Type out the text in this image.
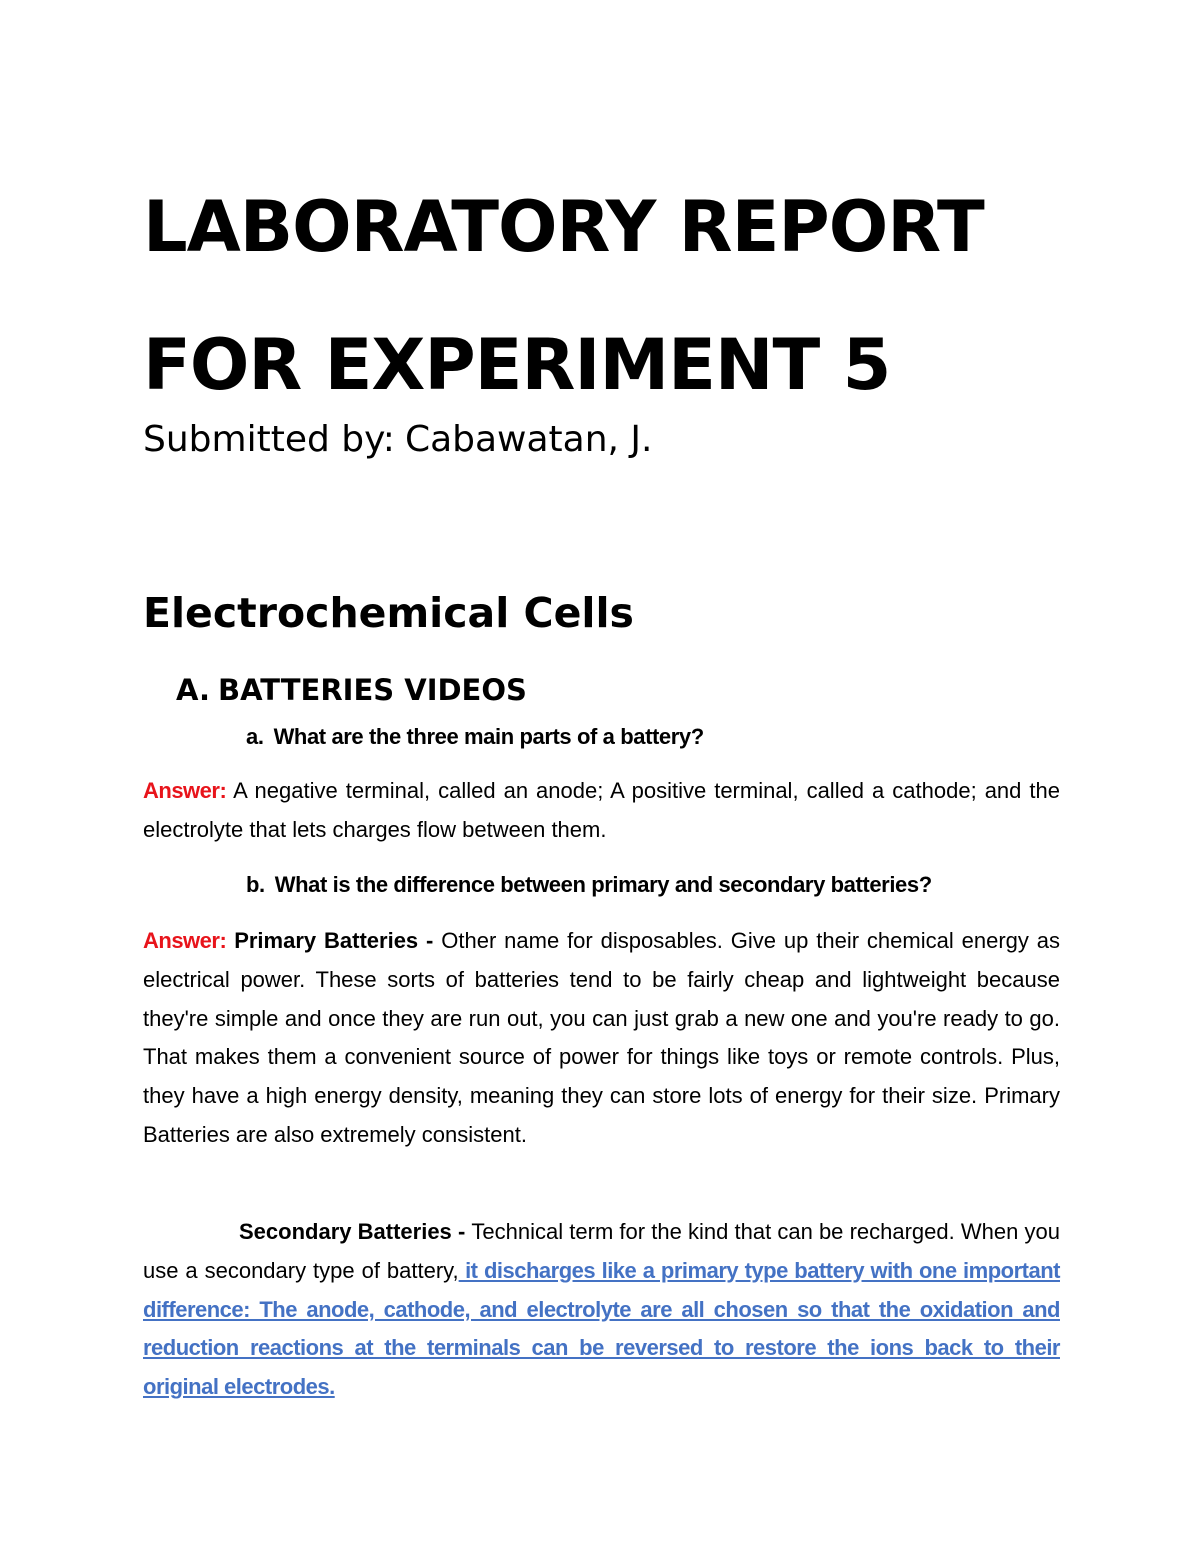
LABORATORY REPORT
FOR EXPERIMENT 5
Submitted by: Cabawatan, J.
Electrochemical Cells
A. BATTERIES VIDEOS
a. What are the three main parts of a battery?

Answer: A negative terminal, called an anode; A positive terminal, called a cathode; and the electrolyte that lets charges flow between them.

b. What is the difference between primary and secondary batteries?

Answer: Primary Batteries - Other name for disposables. Give up their chemical energy as electrical power. These sorts of batteries tend to be fairly cheap and lightweight because they're simple and once they are run out, you can just grab a new one and you're ready to go. That makes them a convenient source of power for things like toys or remote controls. Plus, they have a high energy density, meaning they can store lots of energy for their size. Primary Batteries are also extremely consistent.

Secondary Batteries - Technical term for the kind that can be recharged. When you use a secondary type of battery, it discharges like a primary type battery with one important difference: The anode, cathode, and electrolyte are all chosen so that the oxidation and reduction reactions at the terminals can be reversed to restore the ions back to their original electrodes.
